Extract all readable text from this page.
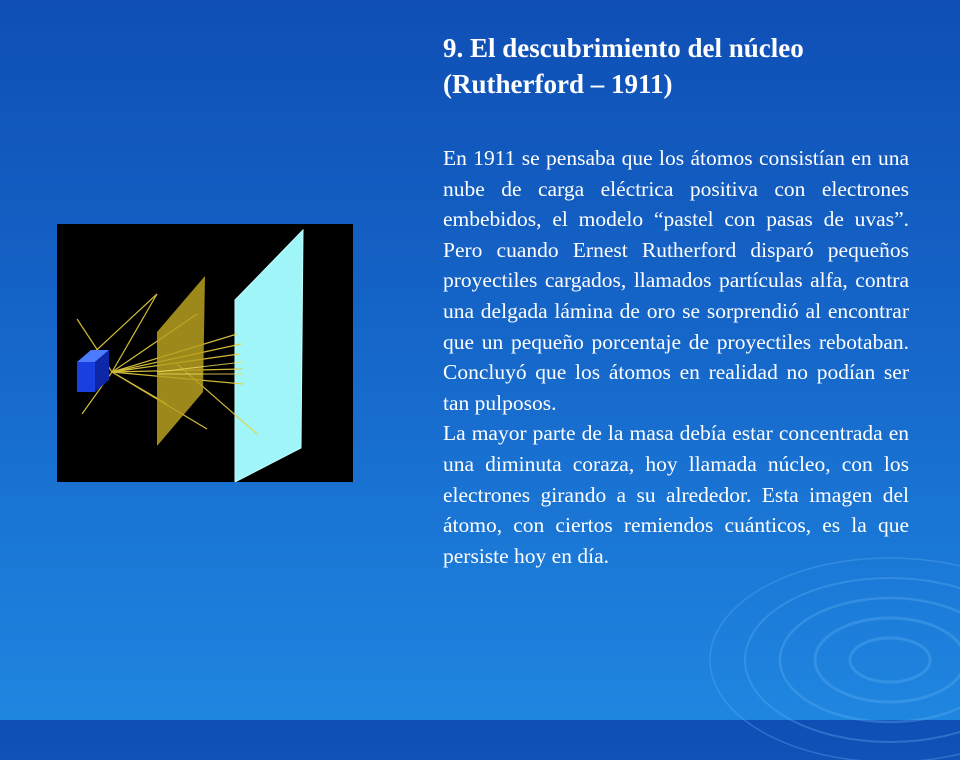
9. El descubrimiento del núcleo
(Rutherford – 1911)

En 1911 se pensaba que los átomos consistían en una nube de carga eléctrica positiva con electrones embebidos, el modelo “pastel con pasas de uvas”. Pero cuando Ernest Rutherford disparó pequeños proyectiles cargados, llamados partículas alfa, contra una delgada lámina de oro se sorprendió al encontrar que un pequeño porcentaje de proyectiles rebotaban. Concluyó que los átomos en realidad no podían ser tan pulposos.

La mayor parte de la masa debía estar concentrada en una diminuta coraza, hoy llamada núcleo, con los electrones girando a su alrededor. Esta imagen del átomo, con ciertos remiendos cuánticos, es la que persiste hoy en día.
